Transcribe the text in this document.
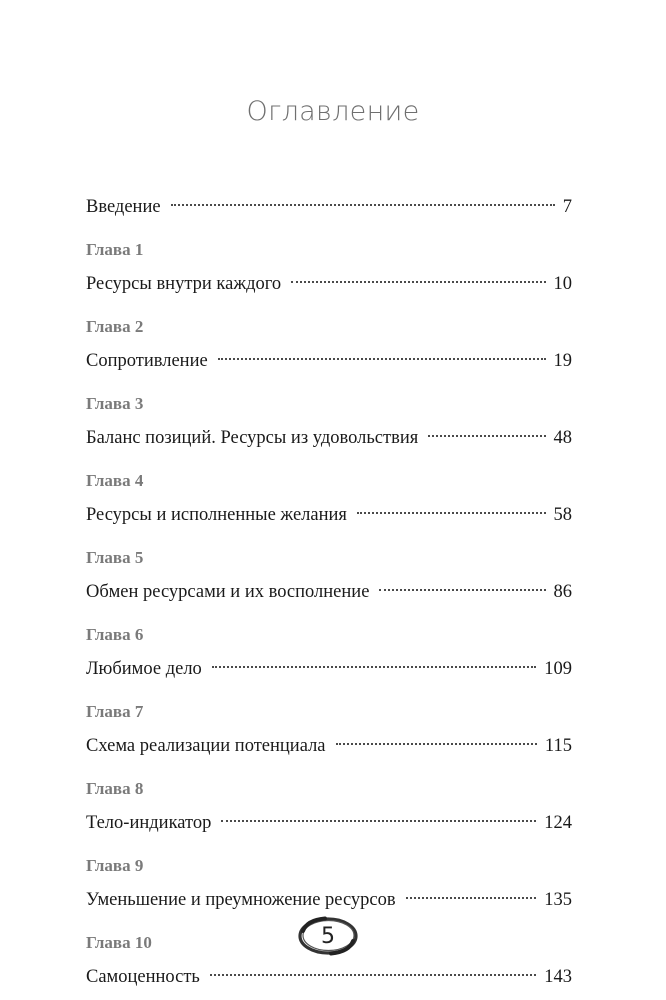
Оглавление
Введение	7
Глава 1
Ресурсы внутри каждого	10
Глава 2
Сопротивление	19
Глава 3
Баланс позиций. Ресурсы из удовольствия	48
Глава 4
Ресурсы и исполненные желания	58
Глава 5
Обмен ресурсами и их восполнение	86
Глава 6
Любимое дело	109
Глава 7
Схема реализации потенциала	115
Глава 8
Тело-индикатор	124
Глава 9
Уменьшение и преумножение ресурсов	135
Глава 10
Самоценность	143
5
